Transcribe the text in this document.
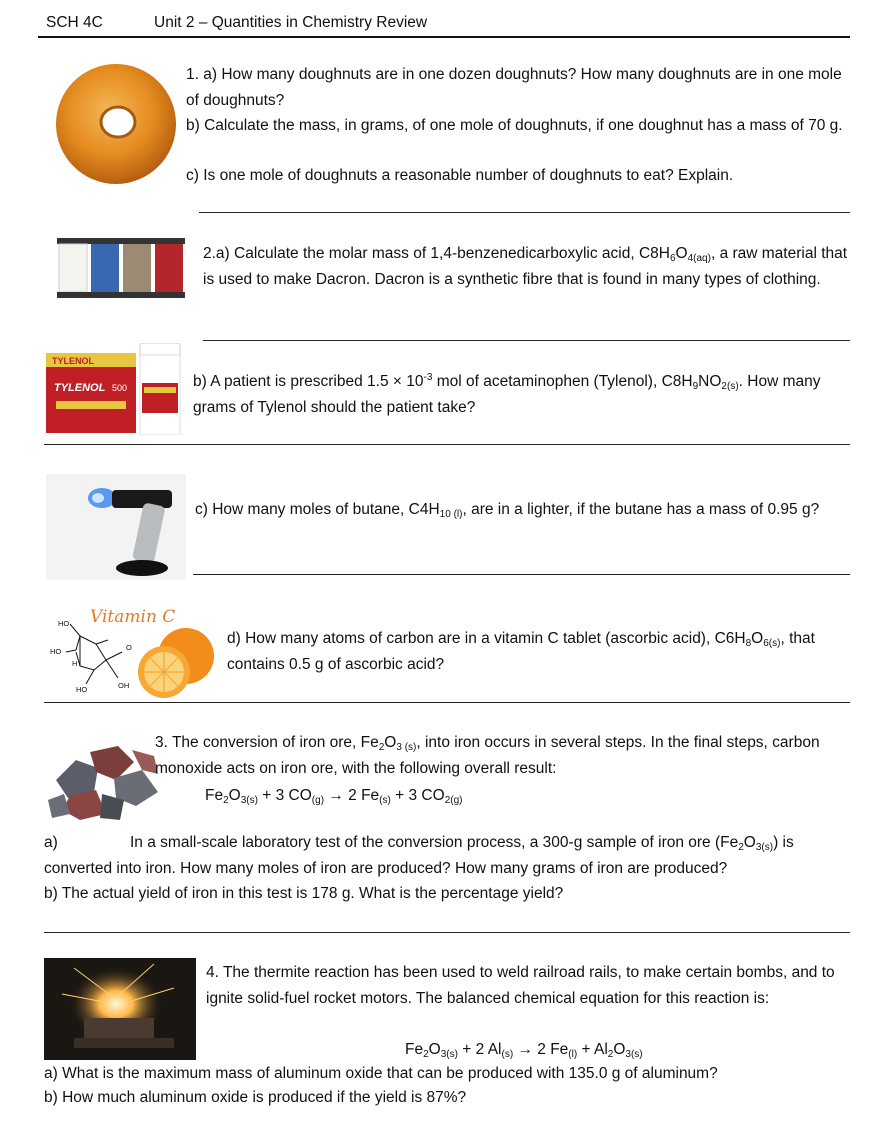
SCH 4C	Unit 2 – Quantities in Chemistry Review
1. a) How many doughnuts are in one dozen doughnuts? How many doughnuts are in one mole of doughnuts?
b) Calculate the mass, in grams, of one mole of doughnuts, if one doughnut has a mass of 70 g.
c) Is one mole of doughnuts a reasonable number of doughnuts to eat? Explain.
2.a) Calculate the molar mass of 1,4-benzenedicarboxylic acid, $C8H_6O_{4(aq)}$, a raw material that is used to make Dacron. Dacron is a synthetic fibre that is found in many types of clothing.
TYLENOL
TYLENOL 500	b) A patient is prescribed $1.5 \times 10^{-3}$ mol of acetaminophen (Tylenol), $C8H_9NO_{2(s)}$. How many grams of Tylenol should the patient take?
c) How many moles of butane, $C4H_{10 (l)}$, are in a lighter, if the butane has a mass of 0.95 g?
Vitamin C
HO
HO
H
HO	OH
O
d) How many atoms of carbon are in a vitamin C tablet (ascorbic acid), $C6H_8O_{6(s)}$, that contains 0.5 g of ascorbic acid?
3. The conversion of iron ore, $Fe_2O_{3 (s)}$, into iron occurs in several steps. In the final steps, carbon monoxide acts on iron ore, with the following overall result:
$Fe_2O_{3(s)} + 3$ $CO_{(g)} \to 2$ $Fe_{(s)} + 3$ $CO_{2(g)}$
a)	In a small-scale laboratory test of the conversion process, a 300-g sample of iron ore $(Fe_2O_{3(s)})$ is converted into iron. How many moles of iron are produced? How many grams of iron are produced?
b) The actual yield of iron in this test is 178 g. What is the percentage yield?
4. The thermite reaction has been used to weld railroad rails, to make certain bombs, and to ignite solid-fuel rocket motors. The balanced chemical equation for this reaction is:
$Fe_2O_{3(s)} + 2$ $Al_{(s)} \to 2$ $Fe_{(l)} + Al_2O_{3(s)}$
a) What is the maximum mass of aluminum oxide that can be produced with 135.0 g of aluminum?
b) How much aluminum oxide is produced if the yield is 87%?
